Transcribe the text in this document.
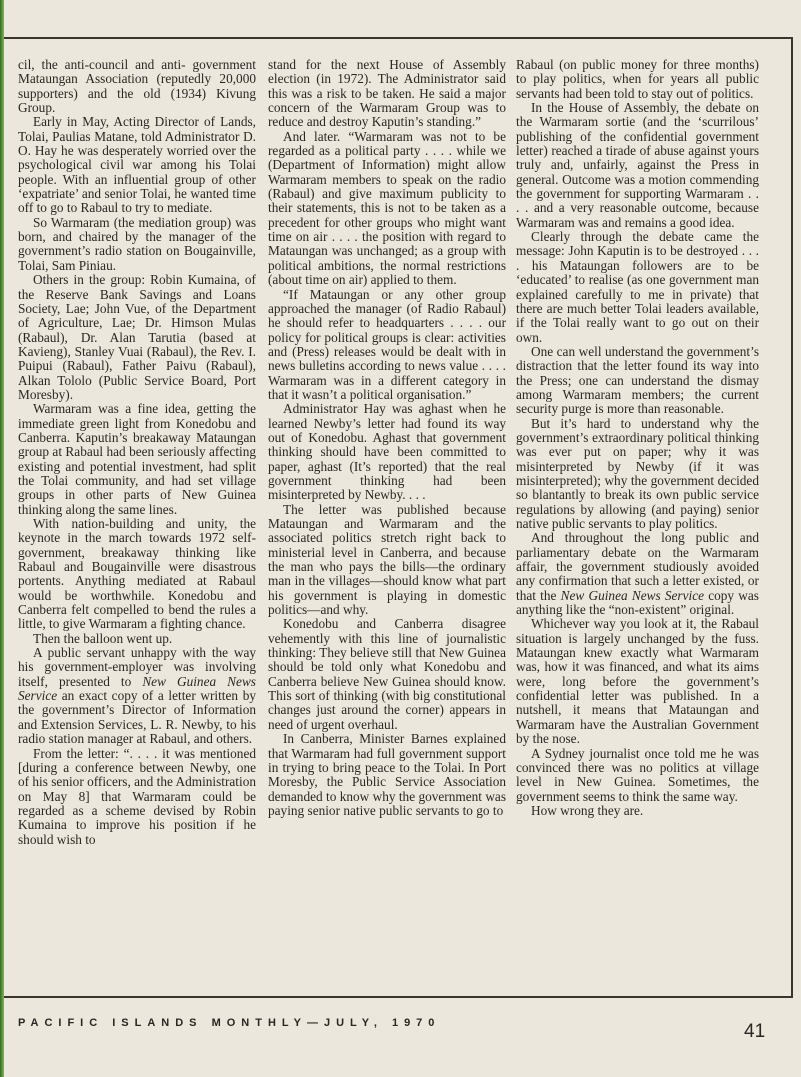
cil, the anti-council and anti- government Mataungan Association (reputedly 20,000 supporters) and the old (1934) Kivung Group.

Early in May, Acting Director of Lands, Tolai, Paulias Matane, told Administrator D. O. Hay he was desperately worried over the psychological civil war among his Tolai people. With an influential group of other ‘expatriate’ and senior Tolai, he wanted time off to go to Rabaul to try to mediate.

So Warmaram (the mediation group) was born, and chaired by the manager of the government’s radio station on Bougainville, Tolai, Sam Piniau.

Others in the group: Robin Kumaina, of the Reserve Bank Savings and Loans Society, Lae; John Vue, of the Department of Agriculture, Lae; Dr. Himson Mulas (Rabaul), Dr. Alan Tarutia (based at Kavieng), Stanley Vuai (Rabaul), the Rev. I. Puipui (Rabaul), Father Paivu (Rabaul), Alkan Tololo (Public Service Board, Port Moresby).

Warmaram was a fine idea, getting the immediate green light from Konedobu and Canberra. Kaputin’s breakaway Mataungan group at Rabaul had been seriously affecting existing and potential investment, had split the Tolai community, and had set village groups in other parts of New Guinea thinking along the same lines.

With nation-building and unity, the keynote in the march towards 1972 self-government, breakaway thinking like Rabaul and Bougainville were disastrous portents. Anything mediated at Rabaul would be worthwhile. Konedobu and Canberra felt compelled to bend the rules a little, to give Warmaram a fighting chance.

Then the balloon went up.

A public servant unhappy with the way his government-employer was involving itself, presented to New Guinea News Service an exact copy of a letter written by the government’s Director of Information and Extension Services, L. R. Newby, to his radio station manager at Rabaul, and others.

From the letter: “. . . . it was mentioned [during a conference between Newby, one of his senior officers, and the Administration on May 8] that Warmaram could be regarded as a scheme devised by Robin Kumaina to improve his position if he should wish to

stand for the next House of Assembly election (in 1972). The Administrator said this was a risk to be taken. He said a major concern of the Warmaram Group was to reduce and destroy Kaputin’s standing.”

And later. “Warmaram was not to be regarded as a political party . . . . while we (Department of Information) might allow Warmaram members to speak on the radio (Rabaul) and give maximum publicity to their statements, this is not to be taken as a precedent for other groups who might want time on air . . . . the position with regard to Mataungan was unchanged; as a group with political ambitions, the normal restrictions (about time on air) applied to them.

“If Mataungan or any other group approached the manager (of Radio Rabaul) he should refer to headquarters . . . . our policy for political groups is clear: activities and (Press) releases would be dealt with in news bulletins according to news value . . . . Warmaram was in a different category in that it wasn’t a political organisation.”

Administrator Hay was aghast when he learned Newby’s letter had found its way out of Konedobu. Aghast that government thinking should have been committed to paper, aghast (It’s reported) that the real government thinking had been misinterpreted by Newby. . . .

The letter was published because Mataungan and Warmaram and the associated politics stretch right back to ministerial level in Canberra, and because the man who pays the bills—the ordinary man in the villages—should know what part his government is playing in domestic politics—and why.

Konedobu and Canberra disagree vehemently with this line of journalistic thinking: They believe still that New Guinea should be told only what Konedobu and Canberra believe New Guinea should know. This sort of thinking (with big constitutional changes just around the corner) appears in need of urgent overhaul.

In Canberra, Minister Barnes explained that Warmaram had full government support in trying to bring peace to the Tolai. In Port Moresby, the Public Service Association demanded to know why the government was paying senior native public servants to go to

Rabaul (on public money for three months) to play politics, when for years all public servants had been told to stay out of politics.

In the House of Assembly, the debate on the Warmaram sortie (and the ‘scurrilous’ publishing of the confidential government letter) reached a tirade of abuse against yours truly and, unfairly, against the Press in general. Outcome was a motion commending the government for supporting Warmaram . . . . and a very reasonable outcome, because Warmaram was and remains a good idea.

Clearly through the debate came the message: John Kaputin is to be destroyed . . . . his Mataungan followers are to be ‘educated’ to realise (as one government man explained carefully to me in private) that there are much better Tolai leaders available, if the Tolai really want to go out on their own.

One can well understand the government’s distraction that the letter found its way into the Press; one can understand the dismay among Warmaram members; the current security purge is more than reasonable.

But it’s hard to understand why the government’s extraordinary political thinking was ever put on paper; why it was misinterpreted by Newby (if it was misinterpreted); why the government decided so blantantly to break its own public service regulations by allowing (and paying) senior native public servants to play politics.

And throughout the long public and parliamentary debate on the Warmaram affair, the government studiously avoided any confirmation that such a letter existed, or that the New Guinea News Service copy was anything like the “non-existent” original.

Whichever way you look at it, the Rabaul situation is largely unchanged by the fuss. Mataungan knew exactly what Warmaram was, how it was financed, and what its aims were, long before the government’s confidential letter was published. In a nutshell, it means that Mataungan and Warmaram have the Australian Government by the nose.

A Sydney journalist once told me he was convinced there was no politics at village level in New Guinea. Sometimes, the government seems to think the same way.

How wrong they are.

PACIFIC ISLANDS MONTHLY—JULY, 1970	41
